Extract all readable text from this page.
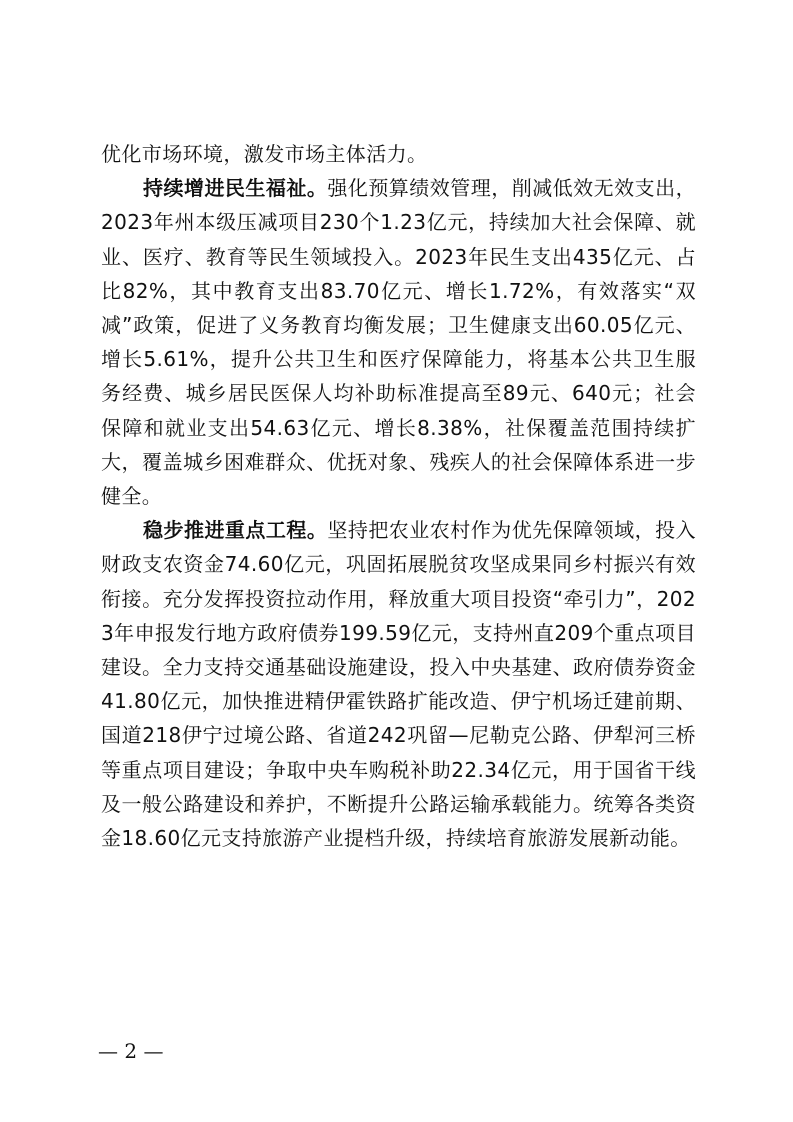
优化市场环境，激发市场主体活力。

持续增进民生福祉。强化预算绩效管理，削减低效无效支出，2023年州本级压减项目230个1.23亿元，持续加大社会保障、就业、医疗、教育等民生领域投入。2023年民生支出435亿元、占比82%，其中教育支出83.70亿元、增长1.72%，有效落实“双减”政策，促进了义务教育均衡发展；卫生健康支出60.05亿元、增长5.61%，提升公共卫生和医疗保障能力，将基本公共卫生服务经费、城乡居民医保人均补助标准提高至89元、640元；社会保障和就业支出54.63亿元、增长8.38%，社保覆盖范围持续扩大，覆盖城乡困难群众、优抚对象、残疾人的社会保障体系进一步健全。

稳步推进重点工程。坚持把农业农村作为优先保障领域，投入财政支农资金74.60亿元，巩固拓展脱贫攻坚成果同乡村振兴有效衔接。充分发挥投资拉动作用，释放重大项目投资“牵引力”，2023年申报发行地方政府债券199.59亿元，支持州直209个重点项目建设。全力支持交通基础设施建设，投入中央基建、政府债券资金41.80亿元，加快推进精伊霍铁路扩能改造、伊宁机场迁建前期、国道218伊宁过境公路、省道242巩留—尼勒克公路、伊犁河三桥等重点项目建设；争取中央车购税补助22.34亿元，用于国省干线及一般公路建设和养护，不断提升公路运输承载能力。统筹各类资金18.60亿元支持旅游产业提档升级，持续培育旅游发展新动能。

— 2 —
